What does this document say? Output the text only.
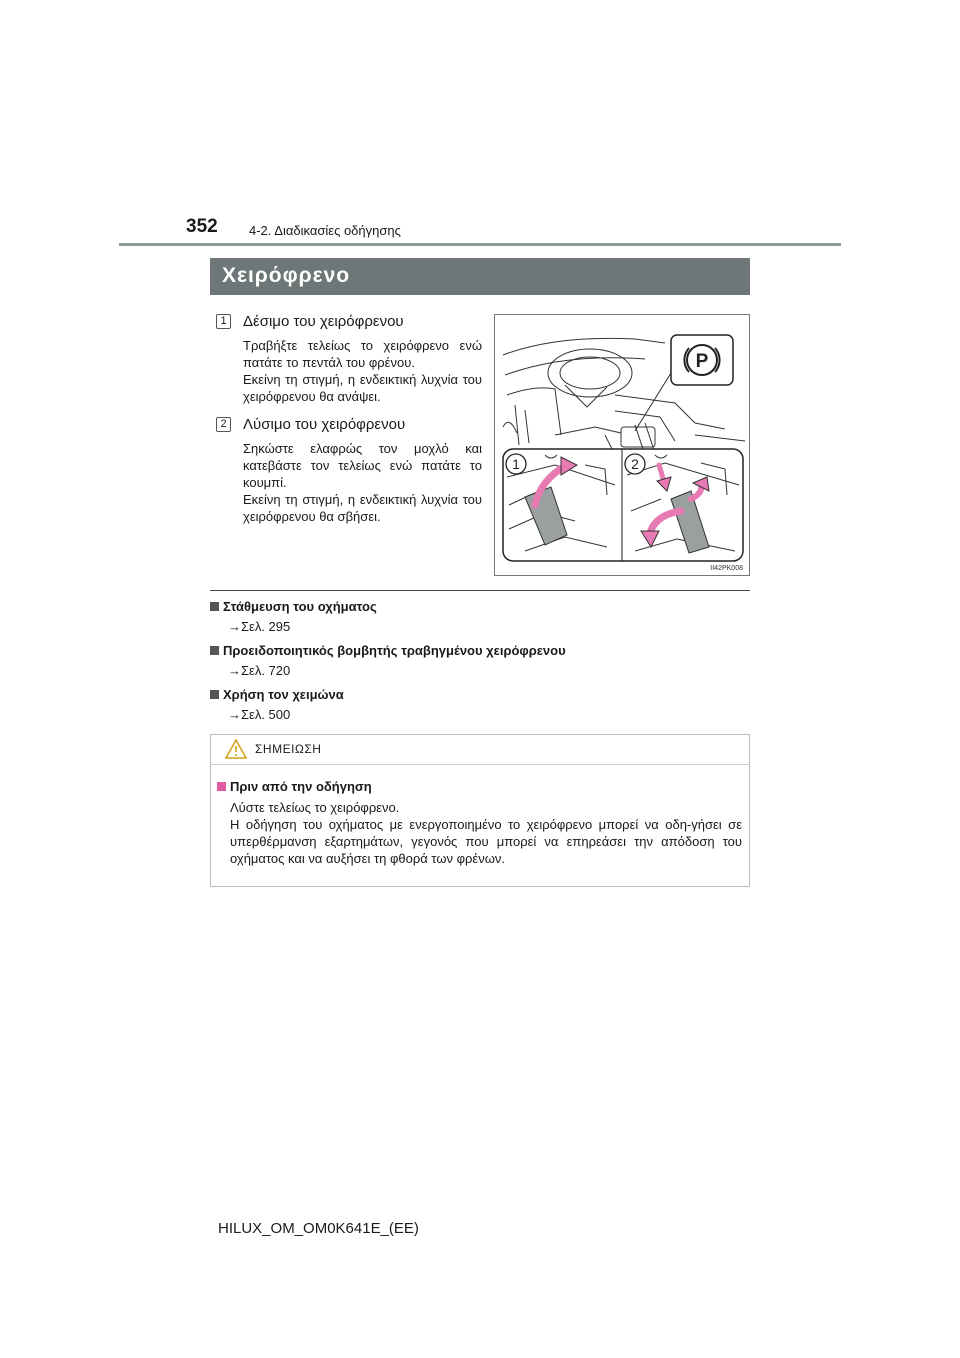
352 4-2. Διαδικασίες οδήγησης
Χειρόφρενο
1 Δέσιμο του χειρόφρενου

Τραβήξτε τελείως το χειρόφρενο ενώ πατάτε το πεντάλ του φρένου.

Εκείνη τη στιγμή, η ενδεικτική λυχνία του χειρόφρενου θα ανάψει.

2 Λύσιμο του χειρόφρενου

Σηκώστε ελαφρώς τον μοχλό και κατεβάστε τον τελείως ενώ πατάτε το κουμπί.

Εκείνη τη στιγμή, η ενδεικτική λυχνία του χειρόφρενου θα σβήσει.

P
1	2
II42PK008
Στάθμευση του οχήματος
→Σελ. 295
Προειδοποιητικός βομβητής τραβηγμένου χειρόφρενου
→Σελ. 720
Χρήση τον χειμώνα
→Σελ. 500
ΣΗΜΕΙΩΣΗ
Πριν από την οδήγηση

Λύστε τελείως το χειρόφρενο.

Η οδήγηση του οχήματος με ενεργοποιημένο το χειρόφρενο μπορεί να οδη-γήσει σε υπερθέρμανση εξαρτημάτων, γεγονός που μπορεί να επηρεάσει την απόδοση του οχήματος και να αυξήσει τη φθορά των φρένων.

HILUX_OM_OM0K641E_(EE)
